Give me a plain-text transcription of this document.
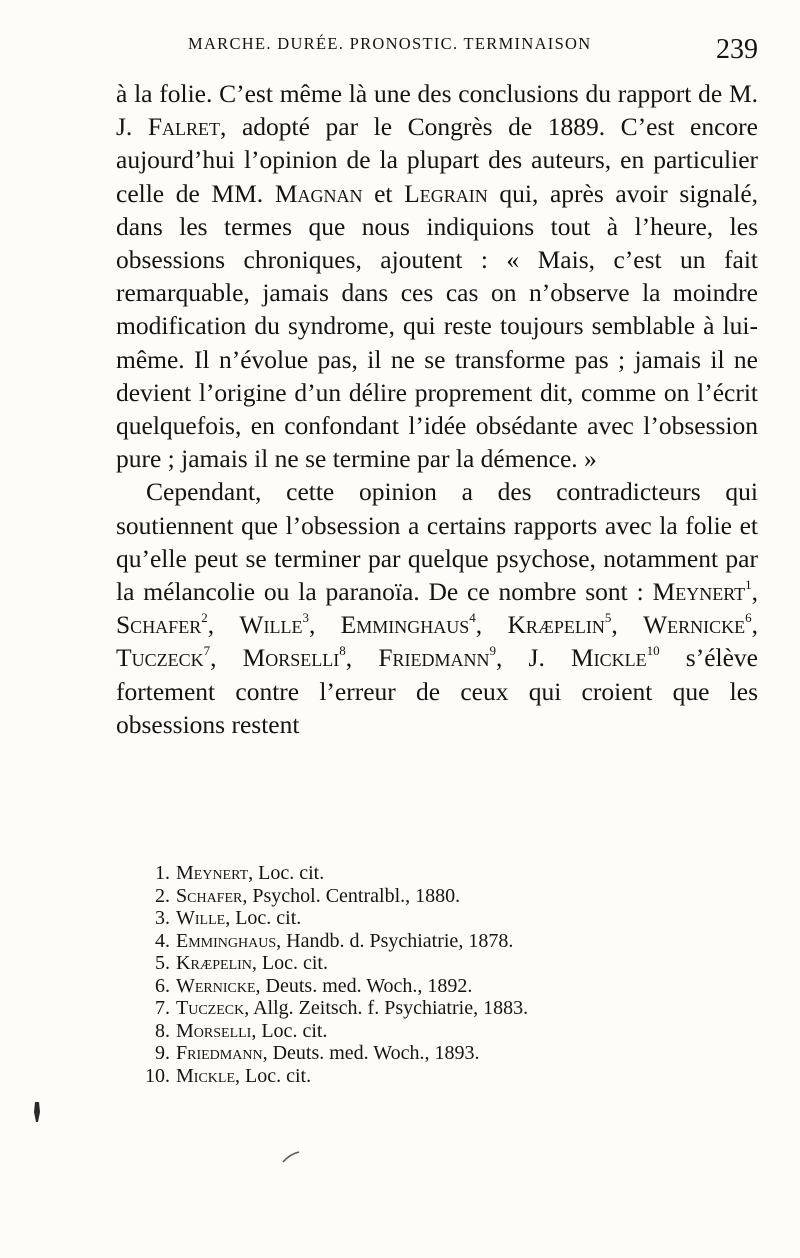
MARCHE. DURÉE. PRONOSTIC. TERMINAISON	239

à la folie. C’est même là une des conclusions du rapport de M. J. Falret, adopté par le Congrès de 1889. C’est encore aujourd’hui l’opinion de la plupart des auteurs, en particulier celle de MM. Magnan et Legrain qui, après avoir signalé, dans les termes que nous indiquions tout à l’heure, les obsessions chroniques, ajoutent : « Mais, c’est un fait remarquable, jamais dans ces cas on n’observe la moindre modification du syndrome, qui reste toujours semblable à lui-même. Il n’évolue pas, il ne se transforme pas ; jamais il ne devient l’origine d’un délire proprement dit, comme on l’écrit quelquefois, en confondant l’idée obsédante avec l’obsession pure ; jamais il ne se termine par la démence. »

Cependant, cette opinion a des contradicteurs qui soutiennent que l’obsession a certains rapports avec la folie et qu’elle peut se terminer par quelque psychose, notamment par la mélancolie ou la paranoïa. De ce nombre sont : Meynert$^1$, Schafer$^2$, Wille$^3$, Emminghaus$^4$, Kræpelin$^5$, Wernicke$^6$, Tuczeck$^7$, Morselli$^8$, Friedmann$^9$, J. Mickle$^{10}$ s’élève fortement contre l’erreur de ceux qui croient que les obsessions restent

1. Meynert, Loc. cit.
2. Schafer, Psychol. Centralbl., 1880.
3. Wille, Loc. cit.
4. Emminghaus, Handb. d. Psychiatrie, 1878.
5. Kræpelin, Loc. cit.
6. Wernicke, Deuts. med. Woch., 1892.
7. Tuczeck, Allg. Zeitsch. f. Psychiatrie, 1883.
8. Morselli, Loc. cit.
9. Friedmann, Deuts. med. Woch., 1893.
10. Mickle, Loc. cit.
